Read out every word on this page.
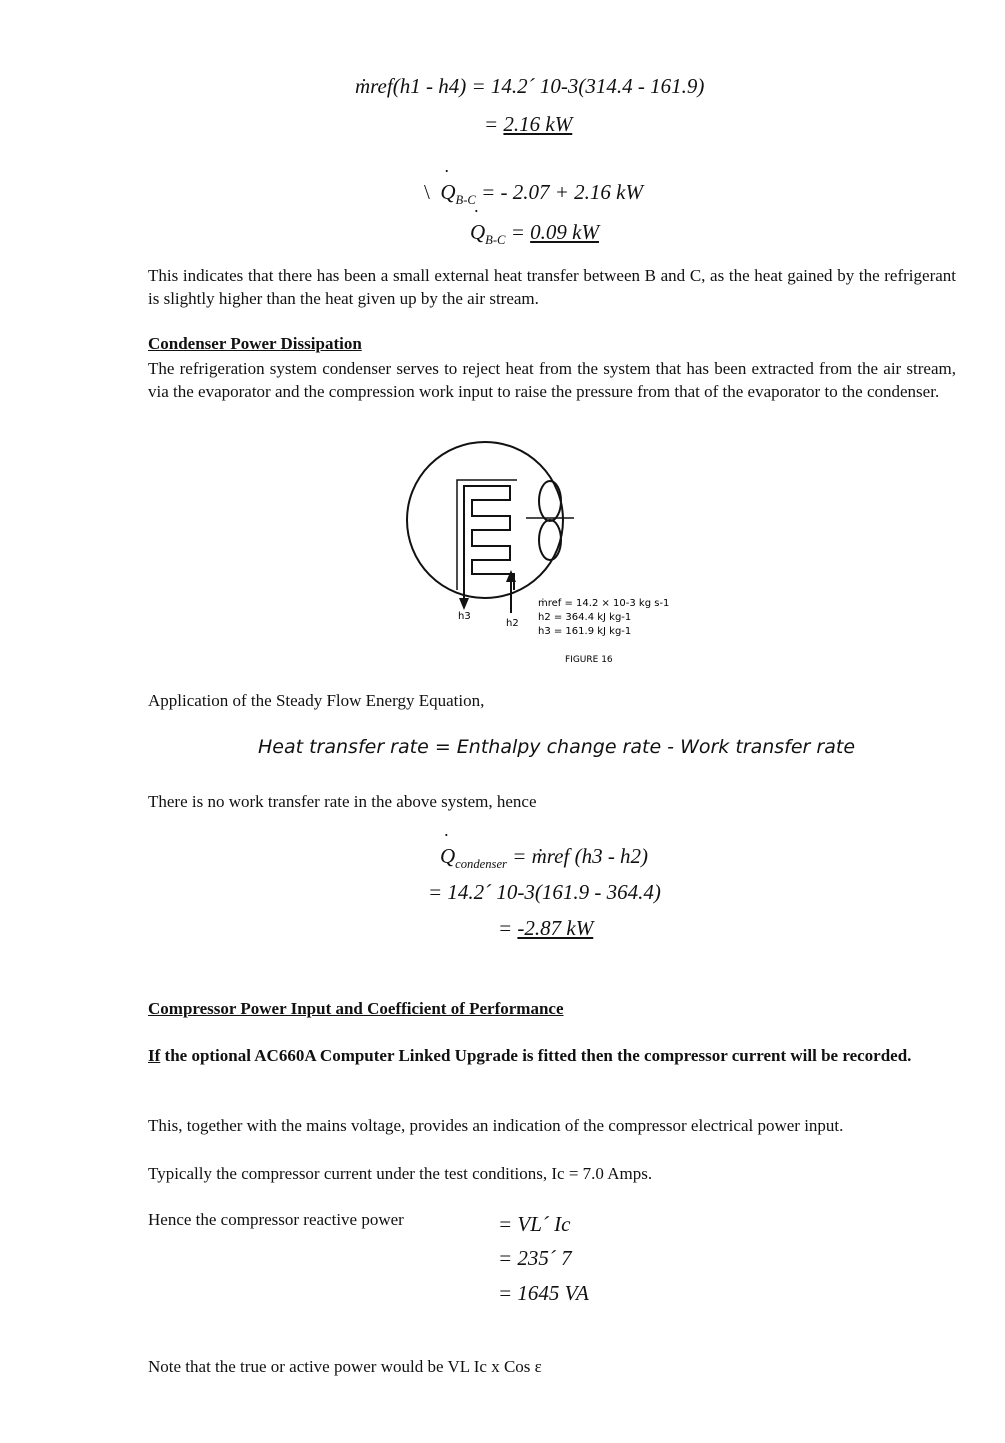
ṁref(h1 - h4) = 14.2´ 10-3(314.4 - 161.9)
= 2.16 kW
\  ˙ $Q_{B-C}$ = - 2.07 + 2.16 kW
˙ $Q_{B-C} = 0.09$ kW
This indicates that there has been a small external heat transfer between B and C, as the heat gained by the refrigerant is slightly higher than the heat given up by the air stream.
Condenser Power Dissipation
The refrigeration system condenser serves to reject heat from the system that has been extracted from the air stream, via the evaporator and the compression work input to raise the pressure from that of the evaporator to the condenser.
h3
h2
ṁref = 14.2 × 10-3 kg s-1
h2 = 364.4 kJ kg-1
h3 = 161.9 kJ kg-1
FIGURE 16
Application of the Steady Flow Energy Equation,
Heat transfer rate = Enthalpy change rate - Work transfer rate
There is no work transfer rate in the above system, hence
˙ $Q_{condenser}$ = ṁref (h3 - h2)
= 14.2´ 10-3(161.9 - 364.4)
= -2.87 kW
Compressor Power Input and Coefficient of Performance
If the optional AC660A Computer Linked Upgrade is fitted then the compressor current will be recorded.
This, together with the mains voltage, provides an indication of the compressor electrical power input.
Typically the compressor current under the test conditions, Ic = 7.0 Amps.
Hence the compressor reactive power	= VL´ Ic
= 235´ 7
= 1645 VA
Note that the true or active power would be VL Ic x Cos ɛ
